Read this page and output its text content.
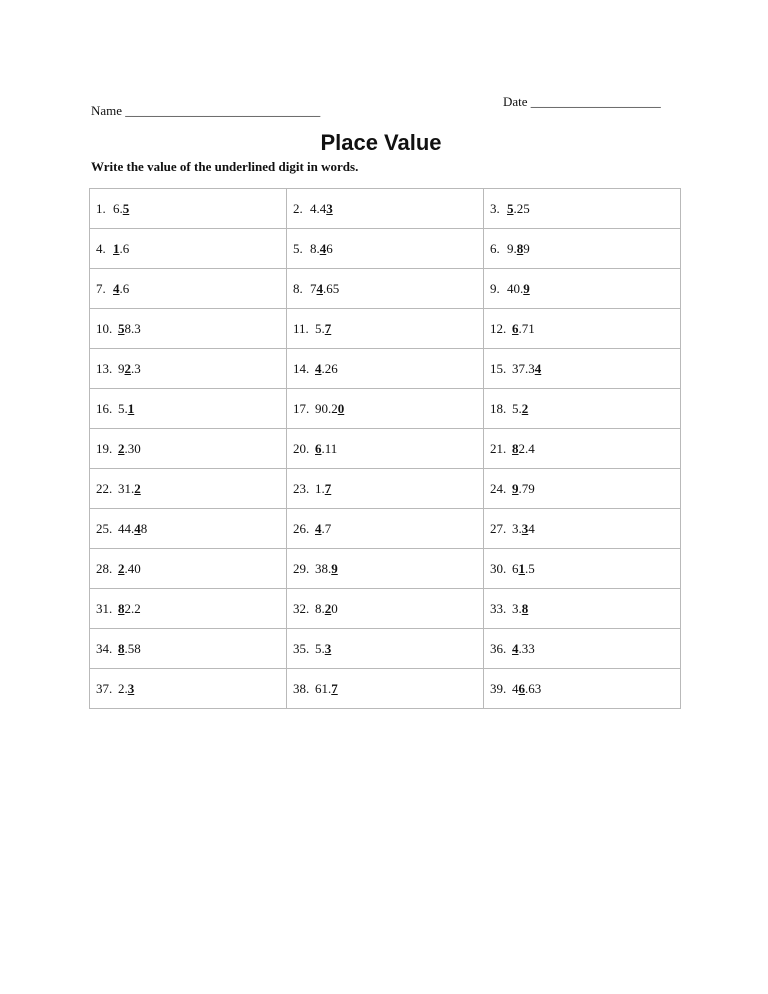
Date ____________________
Name ______________________________
Place Value
Write the value of the underlined digit in words.
1. 6.5	2. 4.43	3. 5.25
4. 1.6	5. 8.46	6. 9.89
7. 4.6	8. 74.65	9. 40.9
10. 58.3	11. 5.7	12. 6.71
13. 92.3	14. 4.26	15. 37.34
16. 5.1	17. 90.20	18. 5.2
19. 2.30	20. 6.11	21. 82.4
22. 31.2	23. 1.7	24. 9.79
25. 44.48	26. 4.7	27. 3.34
28. 2.40	29. 38.9	30. 61.5
31. 82.2	32. 8.20	33. 3.8
34. 8.58	35. 5.3	36. 4.33
37. 2.3	38. 61.7	39. 46.63
